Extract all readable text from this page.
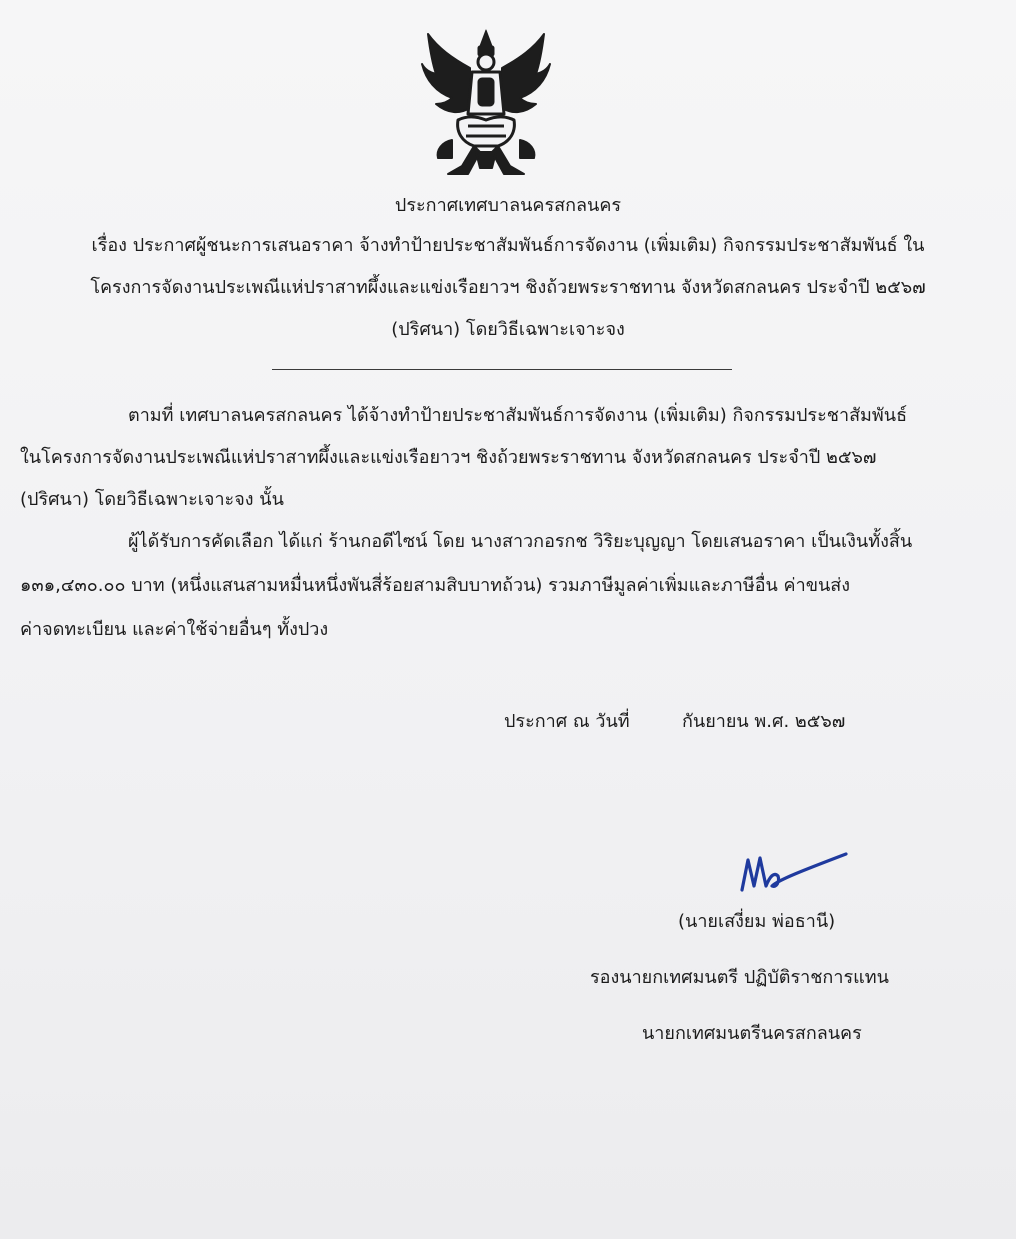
ประกาศเทศบาลนครสกลนคร
เรื่อง ประกาศผู้ชนะการเสนอราคา จ้างทำป้ายประชาสัมพันธ์การจัดงาน (เพิ่มเติม) กิจกรรมประชาสัมพันธ์ ใน
โครงการจัดงานประเพณีแห่ปราสาทผึ้งและแข่งเรือยาวฯ ชิงถ้วยพระราชทาน จังหวัดสกลนคร ประจำปี ๒๕๖๗
(ปริศนา) โดยวิธีเฉพาะเจาะจง
ตามที่ เทศบาลนครสกลนคร ได้จ้างทำป้ายประชาสัมพันธ์การจัดงาน (เพิ่มเติม) กิจกรรมประชาสัมพันธ์
ในโครงการจัดงานประเพณีแห่ปราสาทผึ้งและแข่งเรือยาวฯ ชิงถ้วยพระราชทาน จังหวัดสกลนคร ประจำปี ๒๕๖๗
(ปริศนา) โดยวิธีเฉพาะเจาะจง นั้น
ผู้ได้รับการคัดเลือก ได้แก่ ร้านกอดีไซน์ โดย นางสาวกอรกช วิริยะบุญญา โดยเสนอราคา เป็นเงินทั้งสิ้น
๑๓๑,๔๓๐.๐๐ บาท (หนึ่งแสนสามหมื่นหนึ่งพันสี่ร้อยสามสิบบาทถ้วน) รวมภาษีมูลค่าเพิ่มและภาษีอื่น ค่าขนส่ง
ค่าจดทะเบียน และค่าใช้จ่ายอื่นๆ ทั้งปวง
ประกาศ ณ วันที่	กันยายน พ.ศ. ๒๕๖๗
(นายเสงี่ยม พ่อธานี)
รองนายกเทศมนตรี ปฏิบัติราชการแทน
นายกเทศมนตรีนครสกลนคร
